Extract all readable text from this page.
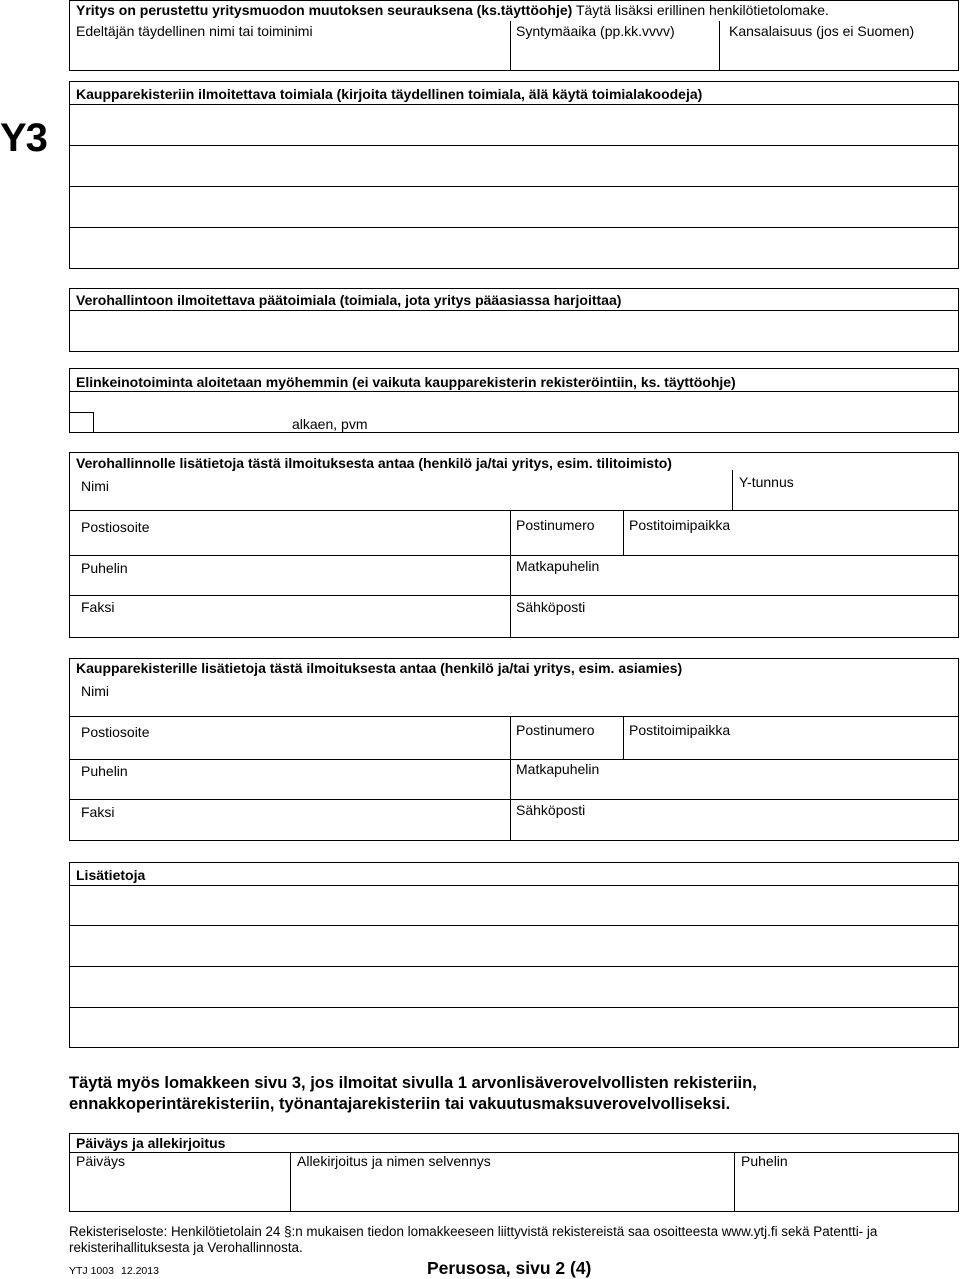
Yritys on perustettu yritysmuodon muutoksen seurauksena (ks.täyttöohje) Täytä lisäksi erillinen henkilötietolomake.
Edeltäjän täydellinen nimi tai toiminimi	Syntymäaika (pp.kk.vvvv)	Kansalaisuus (jos ei Suomen)
Y3
Kaupparekisteriin ilmoitettava toimiala (kirjoita täydellinen toimiala, älä käytä toimialakoodeja)
Verohallintoon ilmoitettava päätoimiala (toimiala, jota yritys pääasiassa harjoittaa)
Elinkeinotoiminta aloitetaan myöhemmin (ei vaikuta kaupparekisterin rekisteröintiin, ks. täyttöohje)
alkaen, pvm
Verohallinnolle lisätietoja tästä ilmoituksesta antaa (henkilö ja/tai yritys, esim. tilitoimisto)
Nimi	Y-tunnus
Postiosoite	Postinumero Postitoimipaikka
Puhelin	Matkapuhelin
Faksi	Sähköposti
Kaupparekisterille lisätietoja tästä ilmoituksesta antaa (henkilö ja/tai yritys, esim. asiamies)
Nimi
Postiosoite	Postinumero Postitoimipaikka
Puhelin	Matkapuhelin
Faksi	Sähköposti
Lisätietoja
Täytä myös lomakkeen sivu 3, jos ilmoitat sivulla 1 arvonlisäverovelvollisten rekisteriin,
ennakkoperintärekisteriin, työnantajarekisteriin tai vakuutusmaksuverovelvolliseksi.
Päiväys ja allekirjoitus
Päiväys	Allekirjoitus ja nimen selvennys	Puhelin
Rekisteriseloste: Henkilötietolain 24 §:n mukaisen tiedon lomakkeeseen liittyvistä rekistereistä saa osoitteesta www.ytj.fi sekä Patentti- ja
rekisterihallituksesta ja Verohallinnosta.
YTJ 1003 12.2013	Perusosa, sivu 2 (4)
